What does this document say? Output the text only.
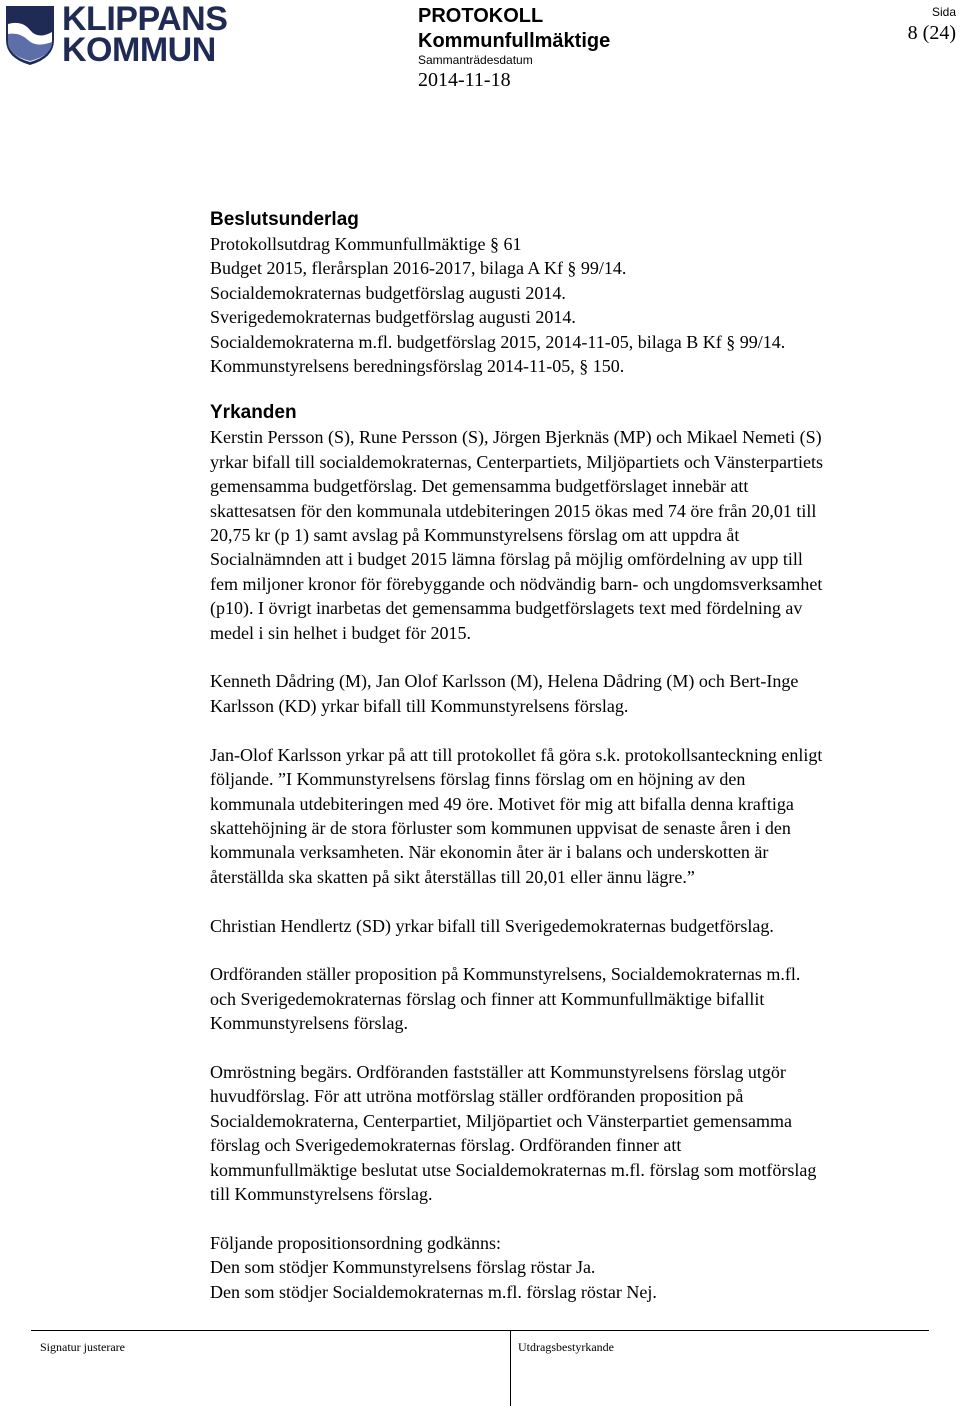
KLIPPANS
KOMMUN
PROTOKOLL
Kommunfullmäktige
Sammanträdesdatum
2014-11-18
Sida
8 (24)
Beslutsunderlag
Protokollsutdrag Kommunfullmäktige § 61
Budget 2015, flerårsplan 2016-2017, bilaga A Kf § 99/14.
Socialdemokraternas budgetförslag augusti 2014.
Sverigedemokraternas budgetförslag augusti 2014.
Socialdemokraterna m.fl. budgetförslag 2015, 2014-11-05, bilaga B Kf § 99/14.
Kommunstyrelsens beredningsförslag 2014-11-05, § 150.
Yrkanden

Kerstin Persson (S), Rune Persson (S), Jörgen Bjerknäs (MP) och Mikael Nemeti (S)
yrkar bifall till socialdemokraternas, Centerpartiets, Miljöpartiets och Vänsterpartiets
gemensamma budgetförslag. Det gemensamma budgetförslaget innebär att
skattesatsen för den kommunala utdebiteringen 2015 ökas med 74 öre från 20,01 till
20,75 kr (p 1) samt avslag på Kommunstyrelsens förslag om att uppdra åt
Socialnämnden att i budget 2015 lämna förslag på möjlig omfördelning av upp till
fem miljoner kronor för förebyggande och nödvändig barn- och ungdomsverksamhet
(p10). I övrigt inarbetas det gemensamma budgetförslagets text med fördelning av
medel i sin helhet i budget för 2015.

Kenneth Dådring (M), Jan Olof Karlsson (M), Helena Dådring (M) och Bert-Inge
Karlsson (KD) yrkar bifall till Kommunstyrelsens förslag.

Jan-Olof Karlsson yrkar på att till protokollet få göra s.k. protokollsanteckning enligt
följande. ”I Kommunstyrelsens förslag finns förslag om en höjning av den
kommunala utdebiteringen med 49 öre. Motivet för mig att bifalla denna kraftiga
skattehöjning är de stora förluster som kommunen uppvisat de senaste åren i den
kommunala verksamheten. När ekonomin åter är i balans och underskotten är
återställda ska skatten på sikt återställas till 20,01 eller ännu lägre.”

Christian Hendlertz (SD) yrkar bifall till Sverigedemokraternas budgetförslag.

Ordföranden ställer proposition på Kommunstyrelsens, Socialdemokraternas m.fl.
och Sverigedemokraternas förslag och finner att Kommunfullmäktige bifallit
Kommunstyrelsens förslag.

Omröstning begärs. Ordföranden fastställer att Kommunstyrelsens förslag utgör
huvudförslag. För att utröna motförslag ställer ordföranden proposition på
Socialdemokraterna, Centerpartiet, Miljöpartiet och Vänsterpartiet gemensamma
förslag och Sverigedemokraternas förslag. Ordföranden finner att
kommunfullmäktige beslutat utse Socialdemokraternas m.fl. förslag som motförslag
till Kommunstyrelsens förslag.

Följande propositionsordning godkänns:
Den som stödjer Kommunstyrelsens förslag röstar Ja.
Den som stödjer Socialdemokraternas m.fl. förslag röstar Nej.

Signatur justerare	Utdragsbestyrkande
